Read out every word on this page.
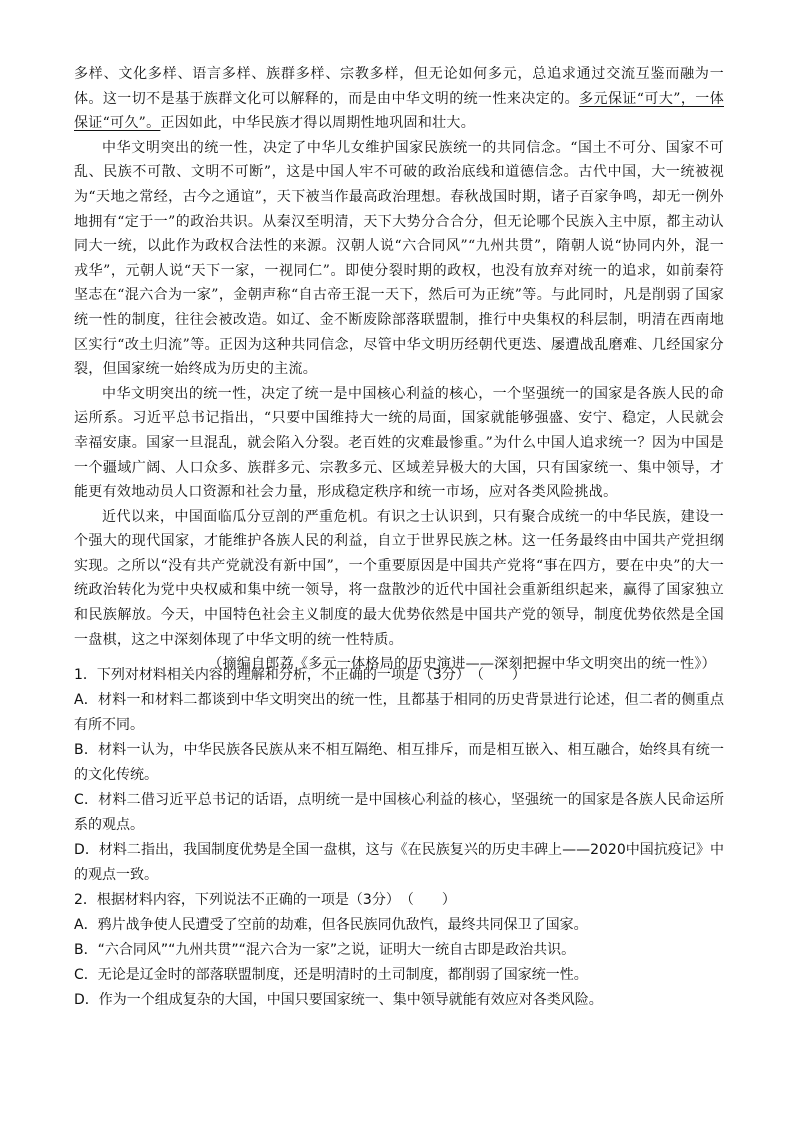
多样、文化多样、语言多样、族群多样、宗教多样，但无论如何多元，总追求通过交流互鉴而融为一体。这一切不是基于族群文化可以解释的，而是由中华文明的统一性来决定的。多元保证“可大”，一体保证“可久”。正因如此，中华民族才得以周期性地巩固和壮大。

中华文明突出的统一性，决定了中华儿女维护国家民族统一的共同信念。“国土不可分、国家不可乱、民族不可散、文明不可断”，这是中国人牢不可破的政治底线和道德信念。古代中国，大一统被视为“天地之常经，古今之通谊”，天下被当作最高政治理想。春秋战国时期，诸子百家争鸣，却无一例外地拥有“定于一”的政治共识。从秦汉至明清，天下大势分合合分，但无论哪个民族入主中原，都主动认同大一统，以此作为政权合法性的来源。汉朝人说“六合同风”“九州共贯”，隋朝人说“协同内外，混一戎华”，元朝人说“天下一家，一视同仁”。即使分裂时期的政权，也没有放弃对统一的追求，如前秦符坚志在“混六合为一家”，金朝声称“自古帝王混一天下，然后可为正统”等。与此同时，凡是削弱了国家统一性的制度，往往会被改造。如辽、金不断废除部落联盟制，推行中央集权的科层制，明清在西南地区实行“改土归流”等。正因为这种共同信念，尽管中华文明历经朝代更迭、屡遭战乱磨难、几经国家分裂，但国家统一始终成为历史的主流。

中华文明突出的统一性，决定了统一是中国核心利益的核心，一个坚强统一的国家是各族人民的命运所系。习近平总书记指出，“只要中国维持大一统的局面，国家就能够强盛、安宁、稳定，人民就会幸福安康。国家一旦混乱，就会陷入分裂。老百姓的灾难最惨重。”为什么中国人追求统一？因为中国是一个疆域广阔、人口众多、族群多元、宗教多元、区域差异极大的大国，只有国家统一、集中领导，才能更有效地动员人口资源和社会力量，形成稳定秩序和统一市场，应对各类风险挑战。

近代以来，中国面临瓜分豆剖的严重危机。有识之士认识到，只有聚合成统一的中华民族，建设一个强大的现代国家，才能维护各族人民的利益，自立于世界民族之林。这一任务最终由中国共产党担纲实现。之所以“没有共产党就没有新中国”，一个重要原因是中国共产党将“事在四方，要在中央”的大一统政治转化为党中央权威和集中统一领导，将一盘散沙的近代中国社会重新组织起来，赢得了国家独立和民族解放。今天，中国特色社会主义制度的最大优势依然是中国共产党的领导，制度优势依然是全国一盘棋，这之中深刻体现了中华文明的统一性特质。

（摘编自郎荔《多元一体格局的历史演进——深刻把握中华文明突出的统一性》）

1．下列对材料相关内容的理解和分析，不正确的一项是（3分）　（　　）

A．材料一和材料二都谈到中华文明突出的统一性，且都基于相同的历史背景进行论述，但二者的侧重点有所不同。

B．材料一认为，中华民族各民族从来不相互隔绝、相互排斥，而是相互嵌入、相互融合，始终具有统一的文化传统。

C．材料二借习近平总书记的话语，点明统一是中国核心利益的核心，坚强统一的国家是各族人民命运所系的观点。

D．材料二指出，我国制度优势是全国一盘棋，这与《在民族复兴的历史丰碑上——2020中国抗疫记》中的观点一致。

2．根据材料内容，下列说法不正确的一项是（3分）　（　　）

A．鸦片战争使人民遭受了空前的劫难，但各民族同仇敌忾，最终共同保卫了国家。

B．“六合同风”“九州共贯”“混六合为一家”之说，证明大一统自古即是政治共识。

C．无论是辽金时的部落联盟制度，还是明清时的土司制度，都削弱了国家统一性。

D．作为一个组成复杂的大国，中国只要国家统一、集中领导就能有效应对各类风险。
